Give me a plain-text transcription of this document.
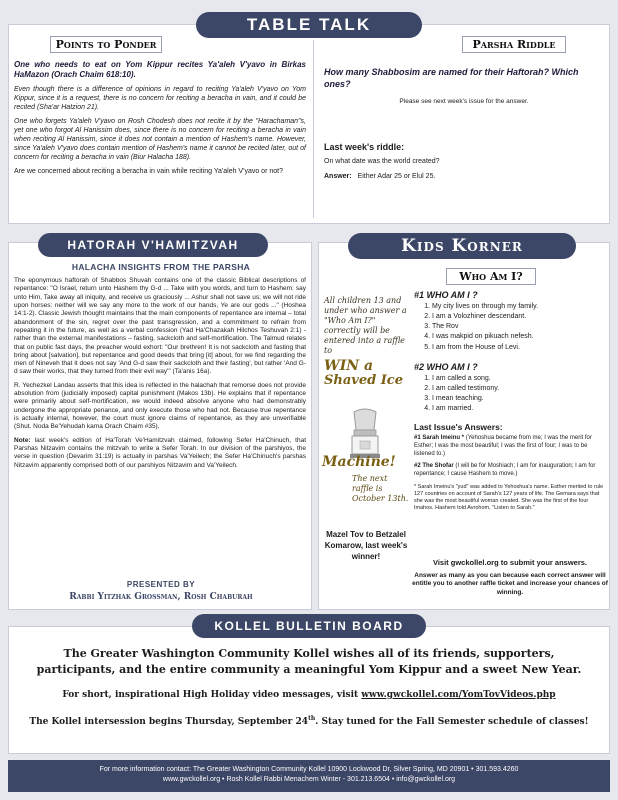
TABLE TALK
Points to Ponder	Parsha Riddle

One who needs to eat on Yom Kippur recites Ya'aleh V'yavo in Birkas HaMazon (Orach Chaim 618:10).

Even though there is a difference of opinions in regard to reciting Ya'aleh V'yavo on Yom Kippur, since it is a request, there is no concern for reciting a beracha in vain, and it could be recited (Sha'ar Hatzion 21).

One who forgets Ya'aleh V'yavo on Rosh Chodesh does not recite it by the "Harachaman"s, yet one who forgot Al Hanissim does, since there is no concern for reciting a beracha in vain when reciting Al Hanissim, since it does not contain a mention of Hashem's name. However, since Ya'aleh V'yavo does contain mention of Hashem's name it cannot be recited later, out of concern for reciting a beracha in vain (Biur Halacha 188).

Are we concerned about reciting a beracha in vain while reciting Ya'aleh V'yavo or not?

How many Shabbosim are named for their Haftorah? Which ones?

Please see next week's issue for the answer.

Last week's riddle:
On what date was the world created?
Answer: Either Adar 25 or Elul 25.
HATORAH V'HAMITZVAH
HALACHA INSIGHTS FROM THE PARSHA

The eponymous haftorah of Shabbos Shuvah contains one of the classic Biblical descriptions of repentance: "O Israel, return unto Hashem thy G-d ... Take with you words, and turn to Hashem: say unto Him, Take away all iniquity, and receive us graciously ... Ashur shall not save us; we will not ride upon horses: neither will we say any more to the work of our hands, Ye are our gods ..." (Hoshea 14:1-2). Classic Jewish thought maintains that the main components of repentance are internal – total abandonment of the sin, regret over the past transgression, and a commitment to refrain from repeating it in the future, as well as a verbal confession (Yad Ha'Chazakah Hilchos Teshuvah 2:1) - rather than the external manifestations – fasting, sackcloth and self-mortification. The Talmud relates that on public fast days, the preacher would exhort: "Our brethren! It is not sackcloth and fasting that bring about [salvation], but repentance and good deeds that bring [it] about, for we find regarding the men of Nineveh that it does not say 'And G-d saw their sackcloth and their fasting', but rather 'And G-d saw their works, that they turned from their evil way'" (Ta'anis 16a).

R. Yechezkel Landau asserts that this idea is reflected in the halachah that remorse does not provide absolution from (judicially imposed) capital punishment (Makos 13b). He explains that if repentance were primarily about self-mortification, we would indeed absolve anyone who had demonstrably undergone the appropriate penance, and only execute those who had not. Because true repentance is actually internal, however, the court must ignore claims of repentance, as they are unverifiable (Shut. Noda Be'Yehudah kama Orach Chaim #35).

Note: last week's edition of Ha'Torah Ve'Hamitzvah claimed, following Sefer Ha'Chinuch, that Parshas Nitzavim contains the mitzvah to write a Sefer Torah. In our division of the parshiyos, the verse in question (Devarim 31:19) is actually in parshas Va'Yeilech; the Sefer Ha'Chinuch's parshas Nitzavim apparently comprised both of our parshiyos Nitzavim and Va'Yeilech.

PRESENTED BY
Rabbi Yitzhak Grossman, Rosh Chaburah
Kids Korner
Who Am I?
All children 13 and under who answer a "Who Am I?" correctly will be entered into a raffle to
WIN a
Shaved Ice
Machine!
The next raffle is October 13th.
Mazel Tov to Betzalel Komarow, last week's winner!
#1 WHO AM I ?
1. My city lives on through my family.
2. I am a Volozhiner descendant.
3. The Rov
4. I was makpid on pikuach nefesh.
5. I am from the House of Levi.
#2 WHO AM I ?
1. I am called a song.
2. I am called testimony.
3. I mean teaching.
4. I am married.
Last Issue's Answers:

#1 Sarah Imeinu * (Yehoshua became from me; I was the merit for Esther; I was the most beautiful; I was the first of four; I was to be listened to.)

#2 The Shofar (I will be for Moshiach; I am for inauguration; I am for repentance; I cause Hashem to move.)

* Sarah Imeinu's "yud" was added to Yehoshua's name. Esther merited to rule 127 countries on account of Sarah's 127 years of life. The Gemara says that she was the most beautiful woman created. She was the first of the four Imahos. Hashem told Avrohom, "Listen to Sarah."

Visit gwckollel.org to submit your answers.
Answer as many as you can because each correct answer will entitle you to another raffle ticket and increase your chances of winning.
KOLLEL BULLETIN BOARD
The Greater Washington Community Kollel wishes all of its friends, supporters, participants, and the entire community a meaningful Yom Kippur and a sweet New Year.
For short, inspirational High Holiday video messages, visit www.gwckollel.com/YomTovVideos.php
The Kollel intersession begins Thursday, September 24th. Stay tuned for the Fall Semester schedule of classes!
For more information contact: The Greater Washington Community Kollel 10900 Lockwood Dr, Silver Spring, MD 20901 • 301.593.4260
www.gwckollel.org • Rosh Kollel Rabbi Menachem Winter - 301.213.6504 • info@gwckollel.org
